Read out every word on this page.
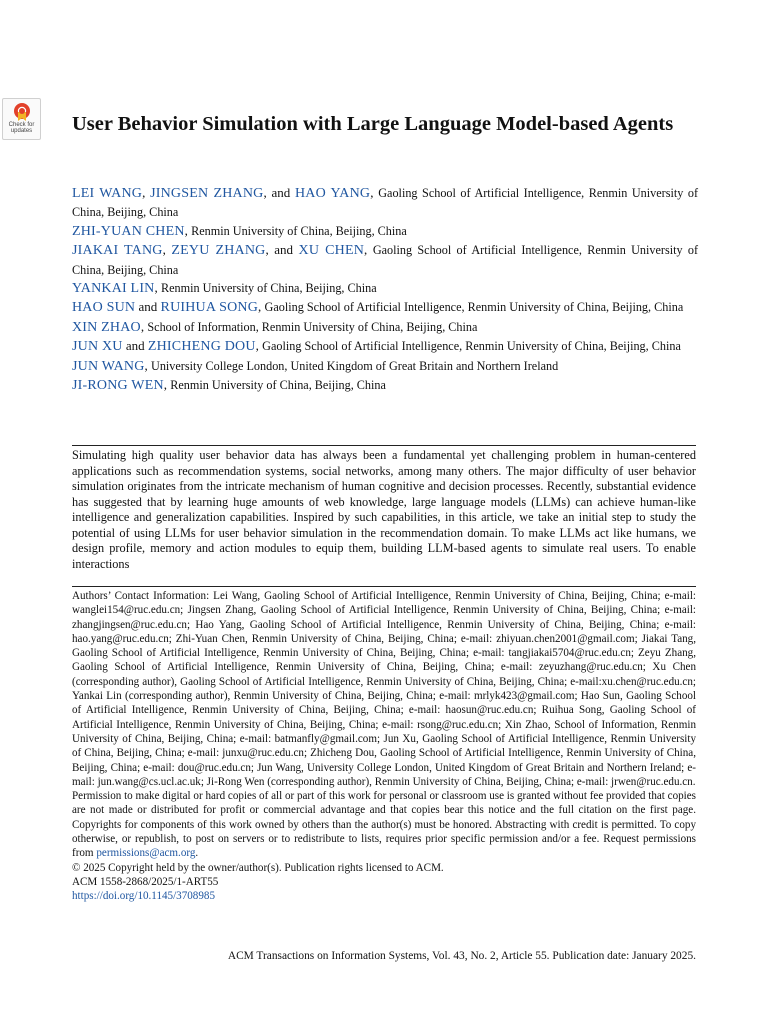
Check for
updates	User Behavior Simulation with Large Language Model-based Agents
LEI WANG, JINGSEN ZHANG, and HAO YANG, Gaoling School of Artificial Intelligence, Renmin University of China, Beijing, China
ZHI-YUAN CHEN, Renmin University of China, Beijing, China
JIAKAI TANG, ZEYU ZHANG, and XU CHEN, Gaoling School of Artificial Intelligence, Renmin University of China, Beijing, China
YANKAI LIN, Renmin University of China, Beijing, China
HAO SUN and RUIHUA SONG, Gaoling School of Artificial Intelligence, Renmin University of China, Beijing, China
XIN ZHAO, School of Information, Renmin University of China, Beijing, China
JUN XU and ZHICHENG DOU, Gaoling School of Artificial Intelligence, Renmin University of China, Beijing, China
JUN WANG, University College London, United Kingdom of Great Britain and Northern Ireland
JI-RONG WEN, Renmin University of China, Beijing, China

Simulating high quality user behavior data has always been a fundamental yet challenging problem in human-centered applications such as recommendation systems, social networks, among many others. The major difficulty of user behavior simulation originates from the intricate mechanism of human cognitive and decision processes. Recently, substantial evidence has suggested that by learning huge amounts of web knowledge, large language models (LLMs) can achieve human-like intelligence and generalization capabilities. Inspired by such capabilities, in this article, we take an initial step to study the potential of using LLMs for user behavior simulation in the recommendation domain. To make LLMs act like humans, we design profile, memory and action modules to equip them, building LLM-based agents to simulate real users. To enable interactions

Authors’ Contact Information: Lei Wang, Gaoling School of Artificial Intelligence, Renmin University of China, Beijing, China; e-mail: wanglei154@ruc.edu.cn; Jingsen Zhang, Gaoling School of Artificial Intelligence, Renmin University of China, Beijing, China; e-mail: zhangjingsen@ruc.edu.cn; Hao Yang, Gaoling School of Artificial Intelligence, Renmin University of China, Beijing, China; e-mail: hao.yang@ruc.edu.cn; Zhi-Yuan Chen, Renmin University of China, Beijing, China; e-mail: zhiyuan.chen2001@gmail.com; Jiakai Tang, Gaoling School of Artificial Intelligence, Renmin University of China, Beijing, China; e-mail: tangjiakai5704@ruc.edu.cn; Zeyu Zhang, Gaoling School of Artificial Intelligence, Renmin University of China, Beijing, China; e-mail: zeyuzhang@ruc.edu.cn; Xu Chen (corresponding author), Gaoling School of Artificial Intelligence, Renmin University of China, Beijing, China; e-mail:xu.chen@ruc.edu.cn; Yankai Lin (corresponding author), Renmin University of China, Beijing, China; e-mail: mrlyk423@gmail.com; Hao Sun, Gaoling School of Artificial Intelligence, Renmin University of China, Beijing, China; e-mail: haosun@ruc.edu.cn; Ruihua Song, Gaoling School of Artificial Intelligence, Renmin University of China, Beijing, China; e-mail: rsong@ruc.edu.cn; Xin Zhao, School of Information, Renmin University of China, Beijing, China; e-mail: batmanfly@gmail.com; Jun Xu, Gaoling School of Artificial Intelligence, Renmin University of China, Beijing, China; e-mail: junxu@ruc.edu.cn; Zhicheng Dou, Gaoling School of Artificial Intelligence, Renmin University of China, Beijing, China; e-mail: dou@ruc.edu.cn; Jun Wang, University College London, United Kingdom of Great Britain and Northern Ireland; e-mail: jun.wang@cs.ucl.ac.uk; Ji-Rong Wen (corresponding author), Renmin University of China, Beijing, China; e-mail: jrwen@ruc.edu.cn.

Permission to make digital or hard copies of all or part of this work for personal or classroom use is granted without fee provided that copies are not made or distributed for profit or commercial advantage and that copies bear this notice and the full citation on the first page. Copyrights for components of this work owned by others than the author(s) must be honored. Abstracting with credit is permitted. To copy otherwise, or republish, to post on servers or to redistribute to lists, requires prior specific permission and/or a fee. Request permissions from permissions@acm.org.

© 2025 Copyright held by the owner/author(s). Publication rights licensed to ACM.

ACM 1558-2868/2025/1-ART55

https://doi.org/10.1145/3708985

ACM Transactions on Information Systems, Vol. 43, No. 2, Article 55. Publication date: January 2025.
